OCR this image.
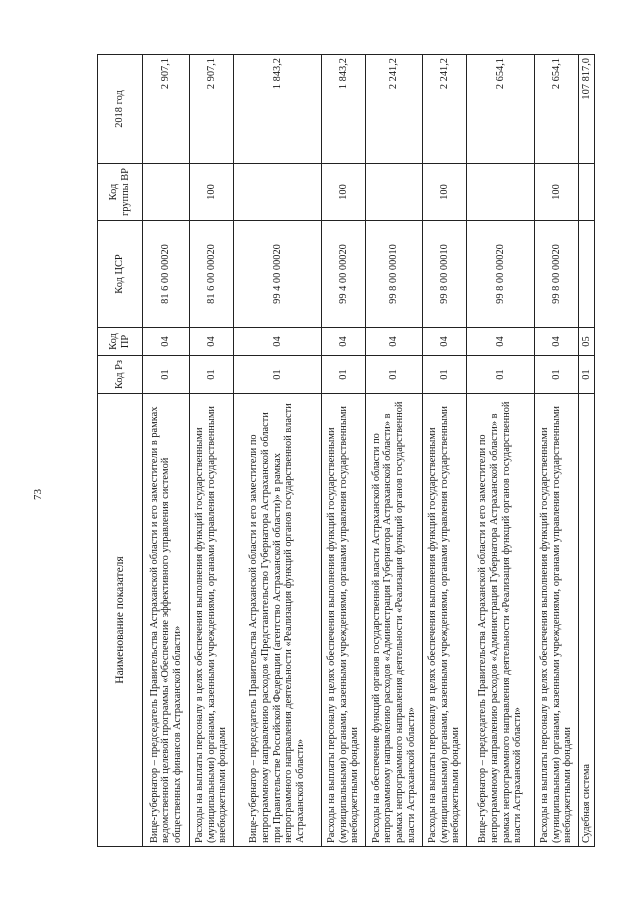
73
Наименование показателя	Код Рз	Код ПР	Код ЦСР	Код группы ВР	2018 год
Вице-губернатор – председатель Правительства Астраханской области и его заместители в рамках ведомственной целевой программы «Обеспечение эффективного управления системой общественных финансов Астраханской области»	01	04	81 6 00 00020		2 907,1
Расходы на выплаты персоналу в целях обеспечения выполнения функций государственными (муниципальными) органами, казенными учреждениями, органами управления государственными внебюджетными фондами	01	04	81 6 00 00020	100	2 907,1
Вице-губернатор – председатель Правительства Астраханской области и его заместители по непрограммному направлению расходов «Представительство Губернатора Астраханской области при Правительстве Российской Федерации (агентство Астраханской области)» в рамках непрограммного направления деятельности «Реализация функций органов государственной власти Астраханской области»	01	04	99 4 00 00020		1 843,2
Расходы на выплаты персоналу в целях обеспечения выполнения функций государственными (муниципальными) органами, казенными учреждениями, органами управления государственными внебюджетными фондами	01	04	99 4 00 00020	100	1 843,2
Расходы на обеспечение функций органов государственной власти Астраханской области по непрограммному направлению расходов «Администрация Губернатора Астраханской области» в рамках непрограммного направления деятельности «Реализация функций органов государственной власти Астраханской области»	01	04	99 8 00 00010		2 241,2
Расходы на выплаты персоналу в целях обеспечения выполнения функций государственными (муниципальными) органами, казенными учреждениями, органами управления государственными внебюджетными фондами	01	04	99 8 00 00010	100	2 241,2
Вице-губернатор – председатель Правительства Астраханской области и его заместители по непрограммному направлению расходов «Администрация Губернатора Астраханской области» в рамках непрограммного направления деятельности «Реализация функций органов государственной власти Астраханской области»	01	04	99 8 00 00020		2 654,1
Расходы на выплаты персоналу в целях обеспечения выполнения функций государственными (муниципальными) органами, казенными учреждениями, органами управления государственными внебюджетными фондами	01	04	99 8 00 00020	100	2 654,1
Судебная система	01	05			107 817,0
